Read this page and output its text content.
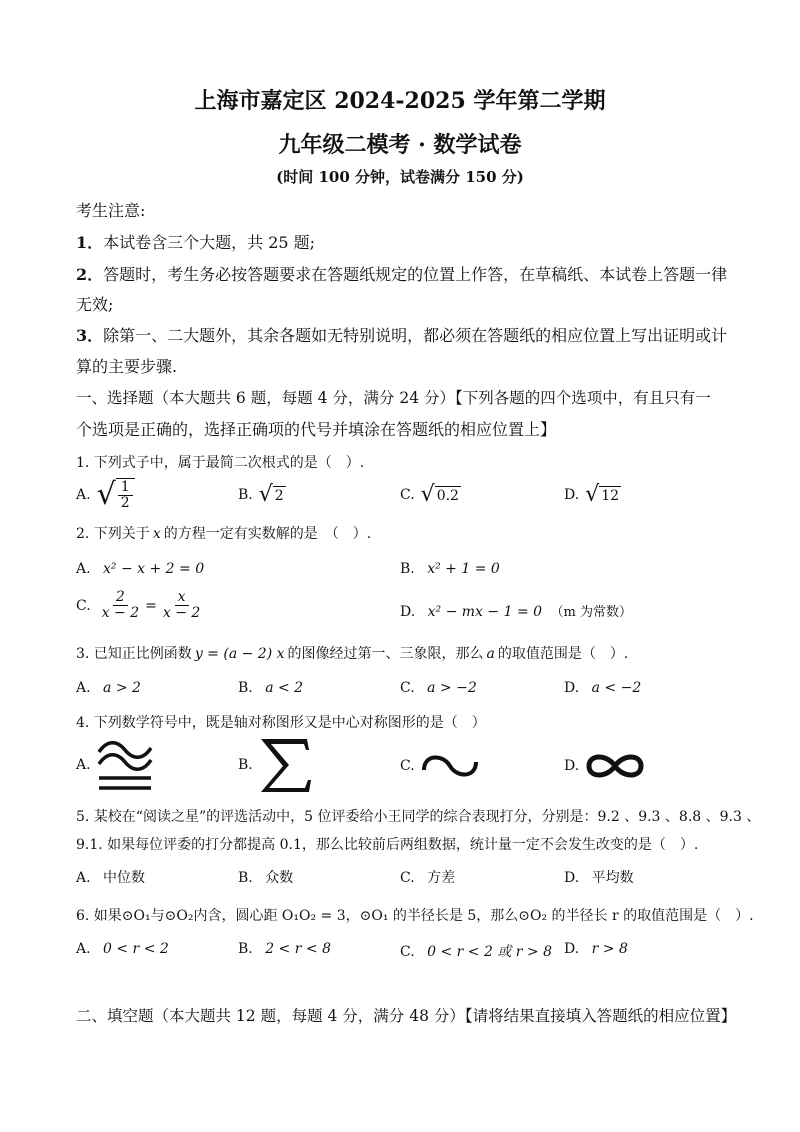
上海市嘉定区 2024-2025 学年第二学期
九年级二模考 · 数学试卷
(时间 100 分钟，试卷满分 150 分)
考生注意:
1．本试卷含三个大题，共 25 题;
2．答题时，考生务必按答题要求在答题纸规定的位置上作答，在草稿纸、本试卷上答题一律
无效;
3．除第一、二大题外，其余各题如无特别说明，都必须在答题纸的相应位置上写出证明或计
算的主要步骤.
一、选择题（本大题共 6 题，每题 4 分，满分 24 分）【下列各题的四个选项中，有且只有一
个选项是正确的，选择正确项的代号并填涂在答题纸的相应位置上】
1. 下列式子中，属于最简二次根式的是（　）.
A. √ $\frac{1}{2}$	B. √ 2	C. √ 0.2	D. √ 12
2. 下列关于 x 的方程一定有实数解的是　（　）.
A. x² − x + 2 = 0	B. x² + 1 = 0
C. $\frac{2}{x - 2} = \frac{x}{x - 2}$	D. x² − mx − 1 = 0 （m 为常数）
3. 已知正比例函数 y = (a − 2) x 的图像经过第一、三象限，那么 a 的取值范围是（　）.
A. a > 2	B. a < 2	C. a > −2	D. a < −2
4. 下列数学符号中，既是轴对称图形又是中心对称图形的是（　）
A.	B.	C.	D.
5. 某校在“阅读之星”的评选活动中，5 位评委给小王同学的综合表现打分，分别是：9.2 、9.3 、8.8 、9.3 、
9.1. 如果每位评委的打分都提高 0.1，那么比较前后两组数据，统计量一定不会发生改变的是（　）.
A. 中位数	B. 众数	C. 方差	D. 平均数
6. 如果⊙O₁与⊙O₂内含，圆心距 O₁O₂ = 3，⊙O₁ 的半径长是 5，那么⊙O₂ 的半径长 r 的取值范围是（　）.
A. 0 < r < 2	B. 2 < r < 8	C. 0 < r < 2 或 r > 8 D. r > 8
二、填空题（本大题共 12 题，每题 4 分，满分 48 分）【请将结果直接填入答题纸的相应位置】
